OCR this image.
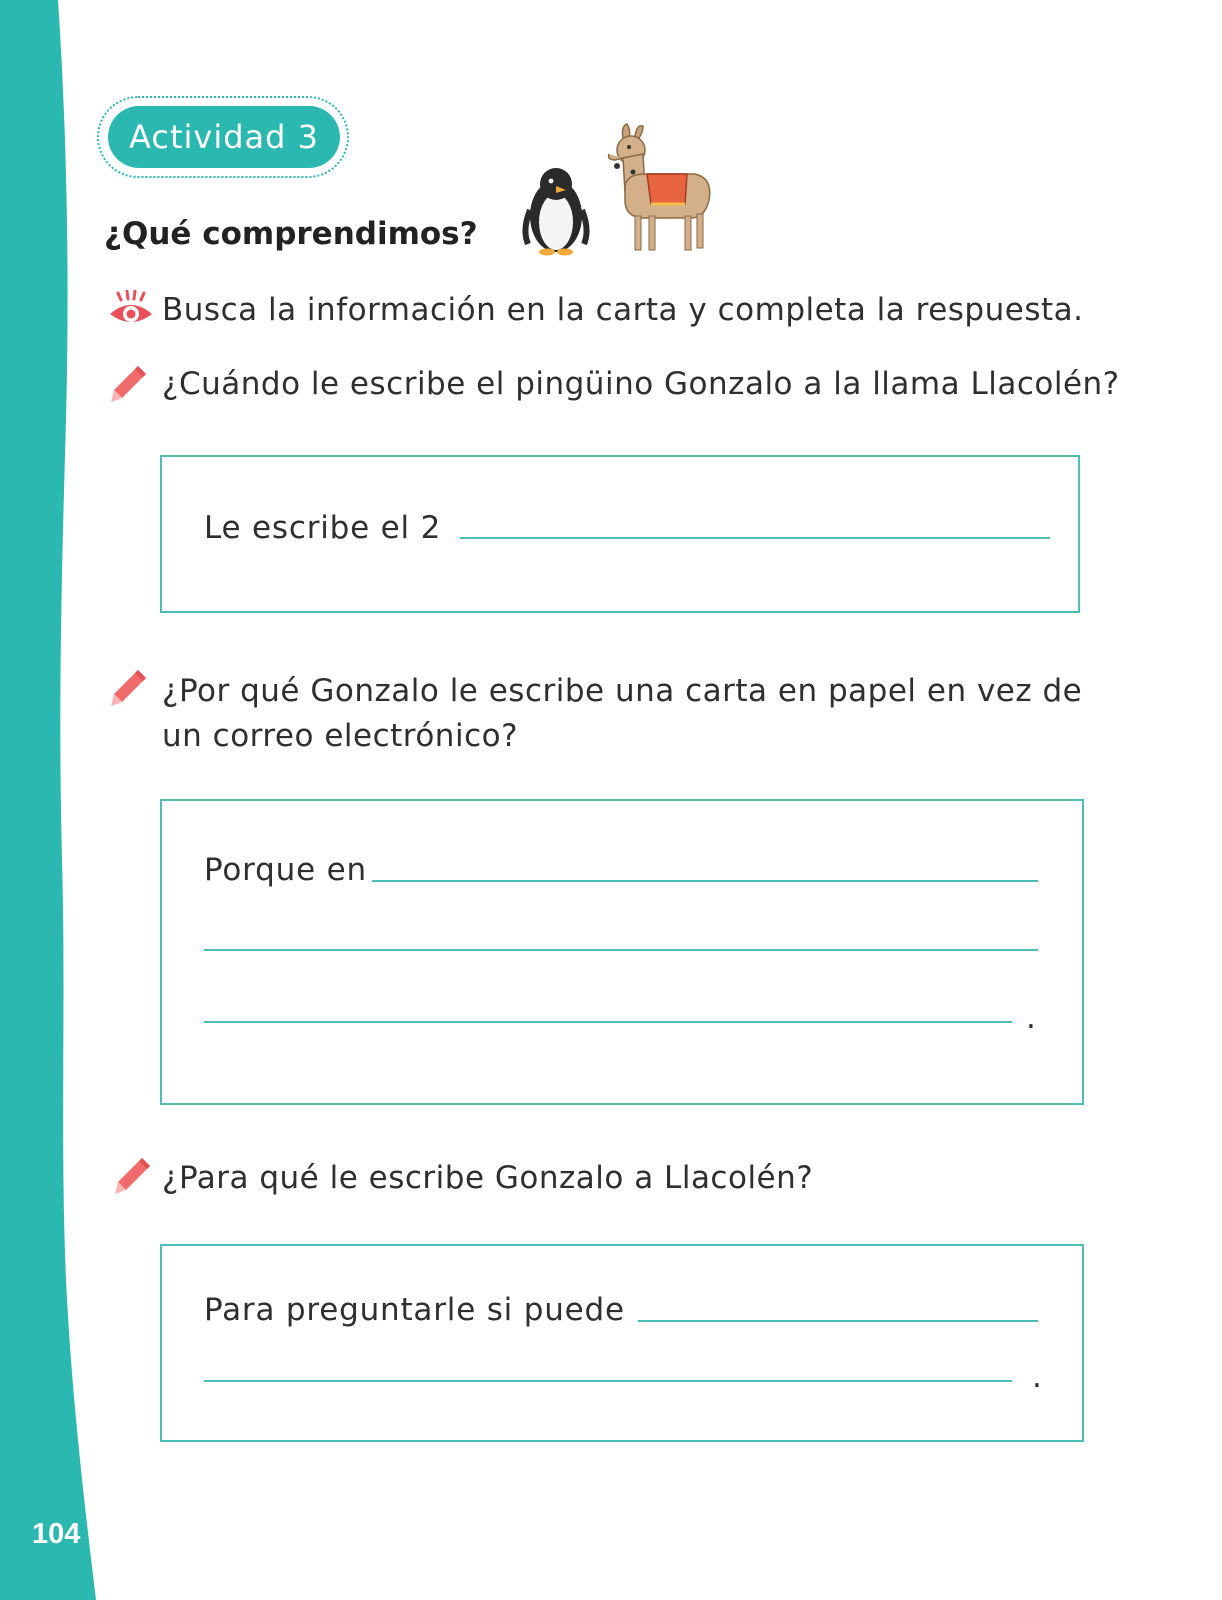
104
Actividad 3
¿Qué comprendimos?
Busca la información en la carta y completa la respuesta.
¿Cuándo le escribe el pingüino Gonzalo a la llama Llacolén?
Le escribe el 2
¿Por qué Gonzalo le escribe una carta en papel en vez de
un correo electrónico?
Porque en
.
¿Para qué le escribe Gonzalo a Llacolén?
Para preguntarle si puede
.
